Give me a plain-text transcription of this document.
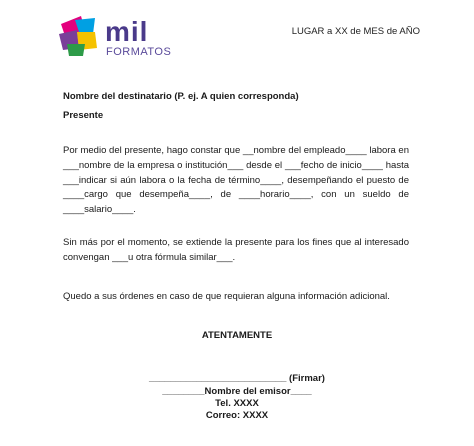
mil
FORMATOS
LUGAR a XX de MES de AÑO
Nombre del destinatario (P. ej. A quien corresponda)
Presente
Por medio del presente, hago constar que __nombre del empleado____ labora en ___nombre de la empresa o institución___ desde el ___fecho de inicio____ hasta ___indicar si aún labora o la fecha de término____, desempeñando el puesto de ____cargo que desempeña____, de ____horario____, con un sueldo de ____salario____.
Sin más por el momento, se extiende la presente para los fines que al interesado convengan ___u otra fórmula similar___.
Quedo a sus órdenes en caso de que requieran alguna información adicional.
ATENTAMENTE
__________________________ (Firmar)
________Nombre del emisor____
Tel. XXXX
Correo: XXXX
